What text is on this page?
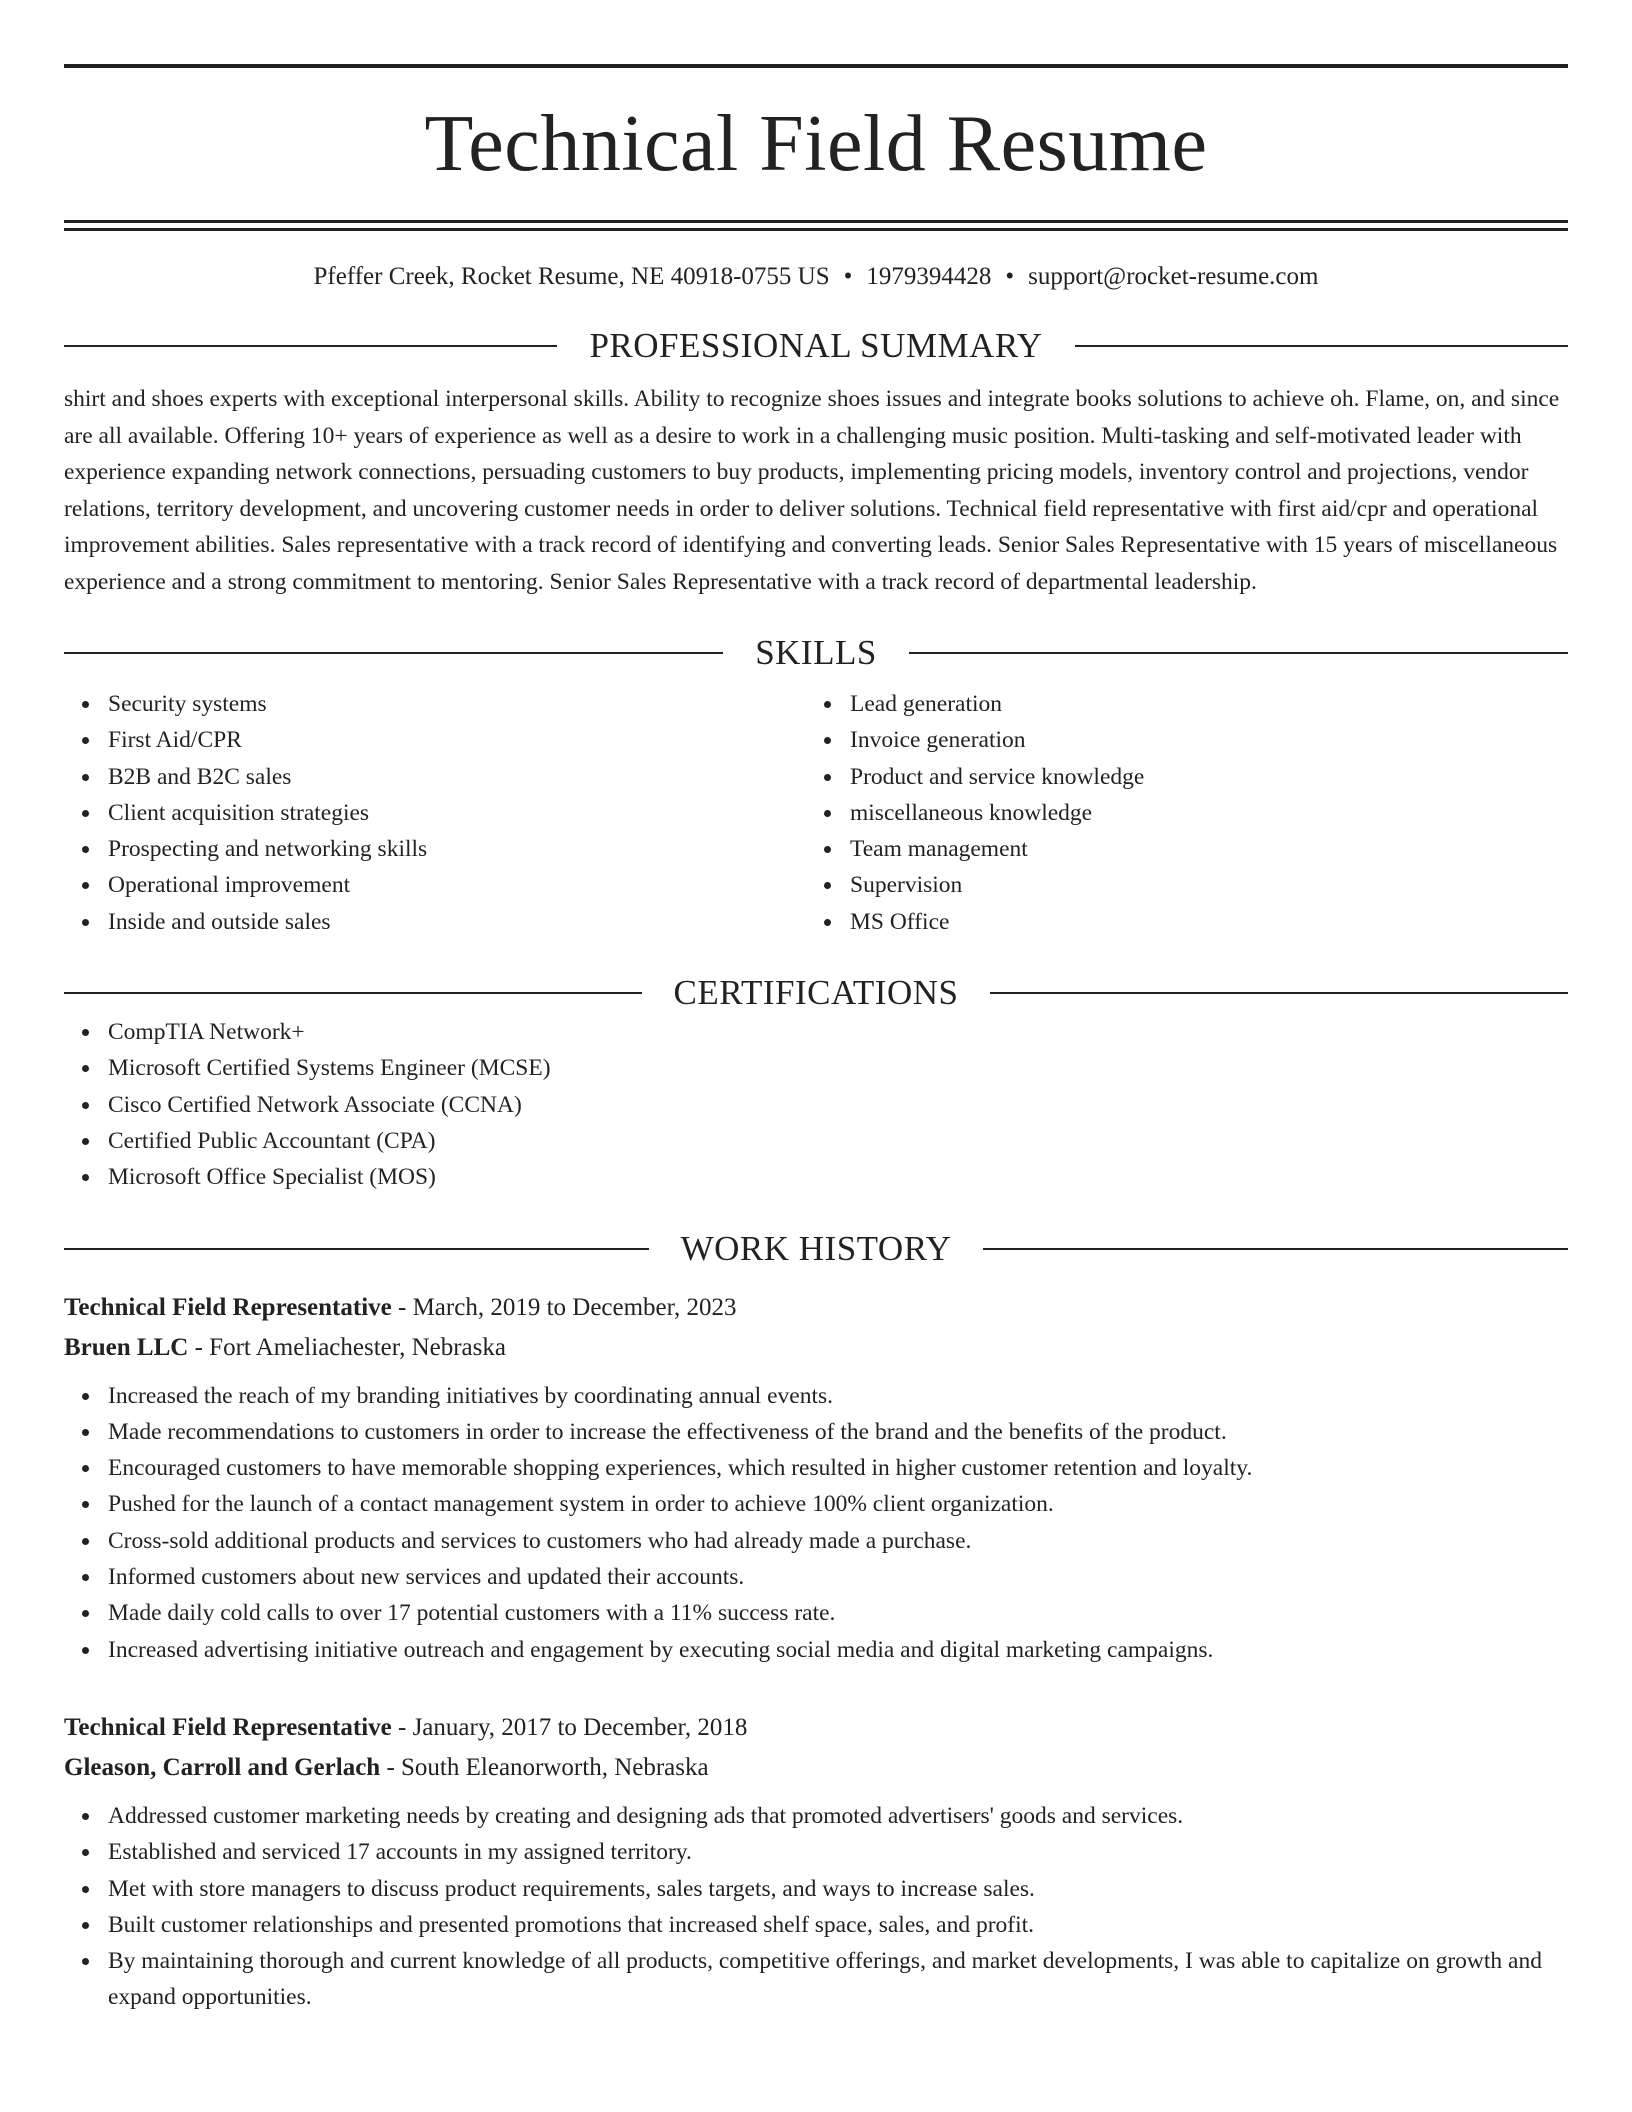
Technical Field Resume
Pfeffer Creek, Rocket Resume, NE 40918-0755 US • 1979394428 • support@rocket-resume.com
PROFESSIONAL SUMMARY

shirt and shoes experts with exceptional interpersonal skills. Ability to recognize shoes issues and integrate books solutions to achieve oh. Flame, on, and since are all available. Offering 10+ years of experience as well as a desire to work in a challenging music position. Multi-tasking and self-motivated leader with experience expanding network connections, persuading customers to buy products, implementing pricing models, inventory control and projections, vendor relations, territory development, and uncovering customer needs in order to deliver solutions. Technical field representative with first aid/cpr and operational improvement abilities. Sales representative with a track record of identifying and converting leads. Senior Sales Representative with 15 years of miscellaneous experience and a strong commitment to mentoring. Senior Sales Representative with a track record of departmental leadership.

SKILLS
Security systems
First Aid/CPR
B2B and B2C sales
Client acquisition strategies
Prospecting and networking skills
Operational improvement
Inside and outside sales
Lead generation
Invoice generation
Product and service knowledge
miscellaneous knowledge
Team management
Supervision
MS Office
CERTIFICATIONS
CompTIA Network+
Microsoft Certified Systems Engineer (MCSE)
Cisco Certified Network Associate (CCNA)
Certified Public Accountant (CPA)
Microsoft Office Specialist (MOS)
WORK HISTORY
Technical Field Representative - March, 2019 to December, 2023
Bruen LLC - Fort Ameliachester, Nebraska
Increased the reach of my branding initiatives by coordinating annual events.
Made recommendations to customers in order to increase the effectiveness of the brand and the benefits of the product.
Encouraged customers to have memorable shopping experiences, which resulted in higher customer retention and loyalty.
Pushed for the launch of a contact management system in order to achieve 100% client organization.
Cross-sold additional products and services to customers who had already made a purchase.
Informed customers about new services and updated their accounts.
Made daily cold calls to over 17 potential customers with a 11% success rate.
Increased advertising initiative outreach and engagement by executing social media and digital marketing campaigns.
Technical Field Representative - January, 2017 to December, 2018
Gleason, Carroll and Gerlach - South Eleanorworth, Nebraska
Addressed customer marketing needs by creating and designing ads that promoted advertisers' goods and services.
Established and serviced 17 accounts in my assigned territory.
Met with store managers to discuss product requirements, sales targets, and ways to increase sales.
Built customer relationships and presented promotions that increased shelf space, sales, and profit.
By maintaining thorough and current knowledge of all products, competitive offerings, and market developments, I was able to capitalize on growth and expand opportunities.
